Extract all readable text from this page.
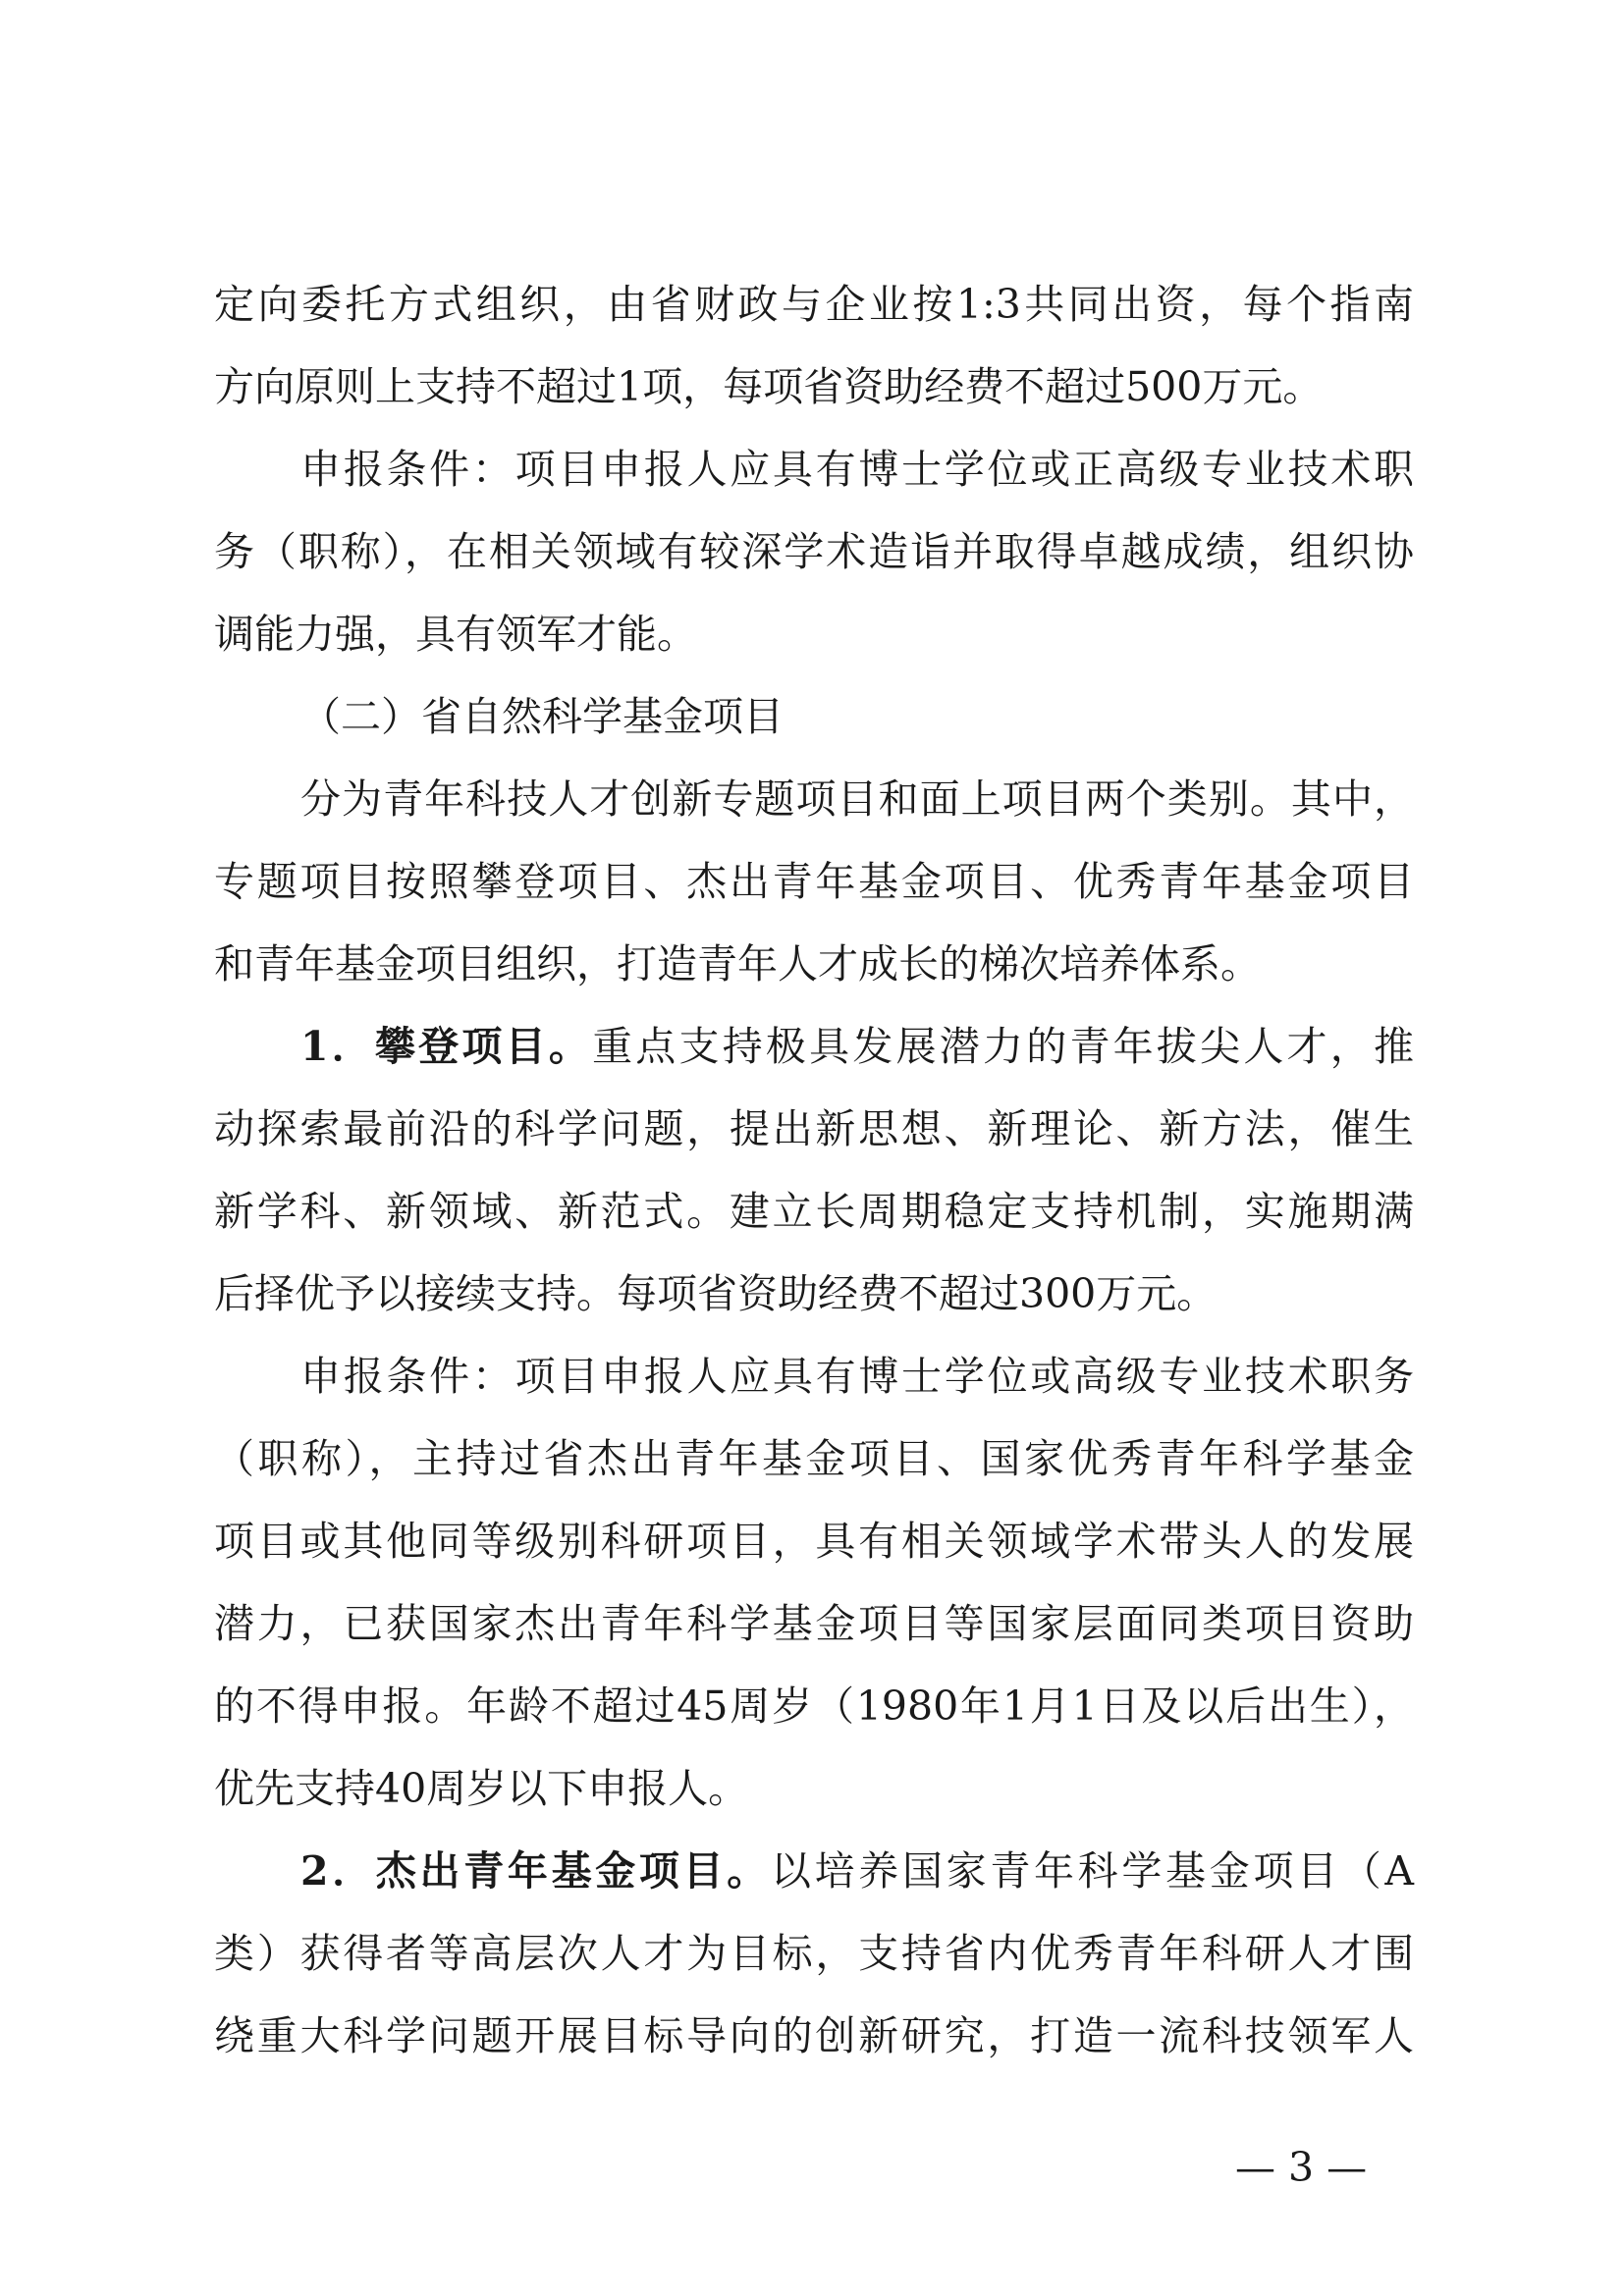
定向委托方式组织，由省财政与企业按1:3共同出资，每个指南
方向原则上支持不超过1项，每项省资助经费不超过500万元。

申报条件：项目申报人应具有博士学位或正高级专业技术职
务（职称），在相关领域有较深学术造诣并取得卓越成绩，组织协
调能力强，具有领军才能。

（二）省自然科学基金项目

分为青年科技人才创新专题项目和面上项目两个类别。其中，
专题项目按照攀登项目、杰出青年基金项目、优秀青年基金项目
和青年基金项目组织，打造青年人才成长的梯次培养体系。

1．攀登项目。重点支持极具发展潜力的青年拔尖人才，推
动探索最前沿的科学问题，提出新思想、新理论、新方法，催生
新学科、新领域、新范式。建立长周期稳定支持机制，实施期满
后择优予以接续支持。每项省资助经费不超过300万元。

申报条件：项目申报人应具有博士学位或高级专业技术职务
（职称），主持过省杰出青年基金项目、国家优秀青年科学基金
项目或其他同等级别科研项目，具有相关领域学术带头人的发展
潜力，已获国家杰出青年科学基金项目等国家层面同类项目资助
的不得申报。年龄不超过45周岁（1980年1月1日及以后出生），
优先支持40周岁以下申报人。

2．杰出青年基金项目。以培养国家青年科学基金项目（A
类）获得者等高层次人才为目标，支持省内优秀青年科研人才围
绕重大科学问题开展目标导向的创新研究，打造一流科技领军人

— 3 —
